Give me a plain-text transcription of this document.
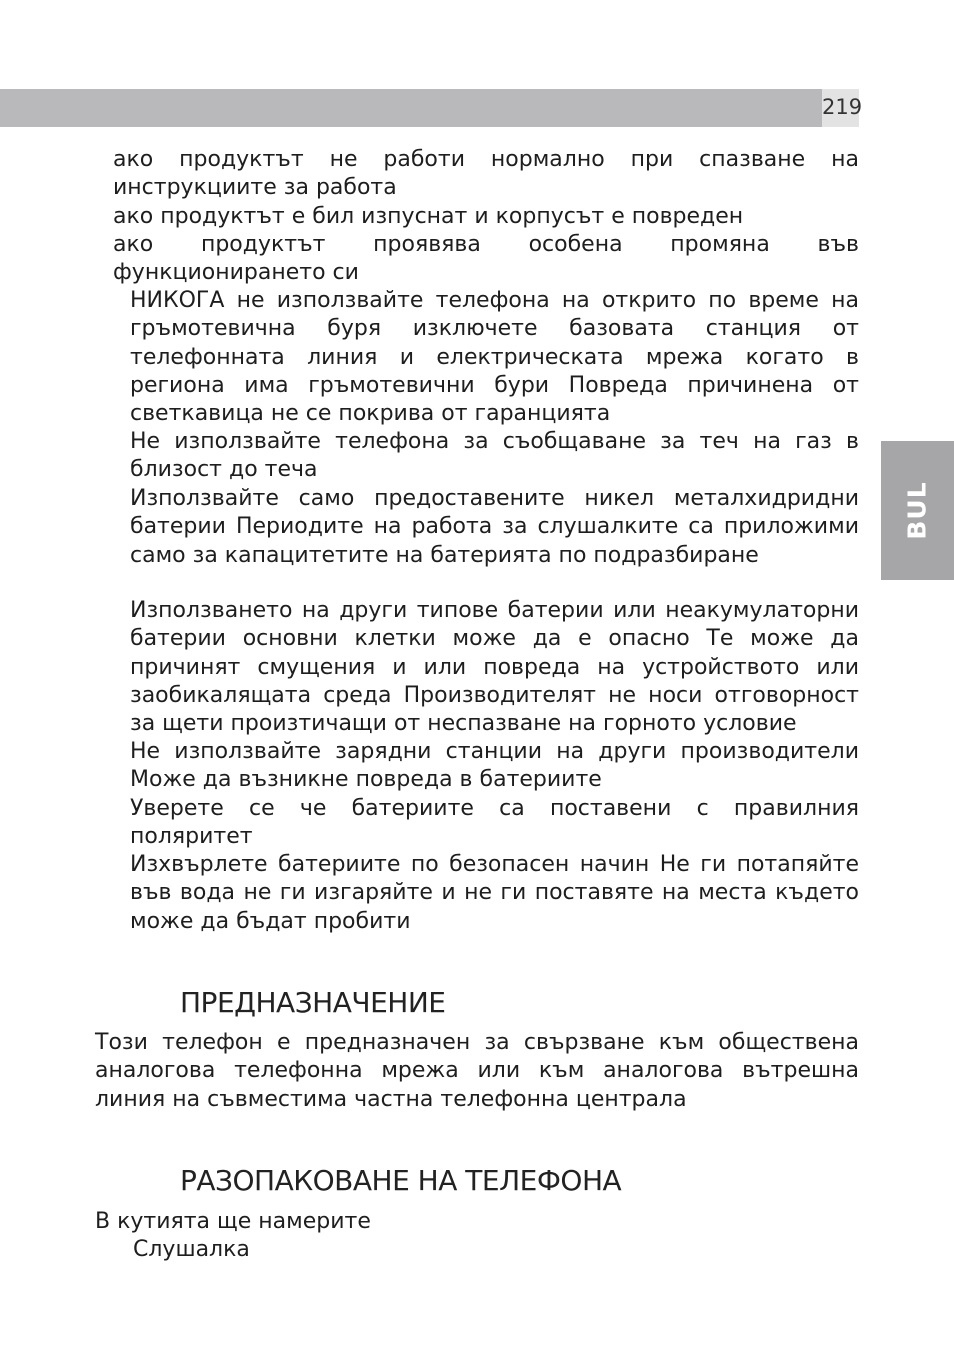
219
BUL

ако продуктът не работи нормално при спазване на инструкциите за работа

ако продуктът е бил изпуснат и корпусът е повреден

ако продуктът проявява особена промяна във функционирането си

НИКОГА не използвайте телефона на открито по време на гръмотевична буря изключете базовата станция от телефонната линия и електрическата мрежа когато в региона има гръмотевични бури Повреда причинена от светкавица не се покрива от гаранцията

Не използвайте телефона за съобщаване за теч на газ в близост до теча

Използвайте само предоставените никел металхидридни батерии Периодите на работа за слушалките са приложими само за капацитетите на батерията по подразбиране

Използването на други типове батерии или неакумулаторни батерии основни клетки може да е опасно Те може да причинят смущения и или повреда на устройството или заобикалящата среда Производителят не носи отговорност за щети произтичащи от неспазване на горното условие

Не използвайте зарядни станции на други производители Може да възникне повреда в батериите

Уверете се че батериите са поставени с правилния поляритет

Изхвърлете батериите по безопасен начин Не ги потапяйте във вода не ги изгаряйте и не ги поставяте на места където може да бъдат пробити

ПРЕДНАЗНАЧЕНИЕ

Този телефон е предназначен за свързване към обществена аналогова телефонна мрежа или към аналогова вътрешна линия на съвместима частна телефонна централа

РАЗОПАКОВАНЕ НА ТЕЛЕФОНА

В кутията ще намерите

Слушалка
